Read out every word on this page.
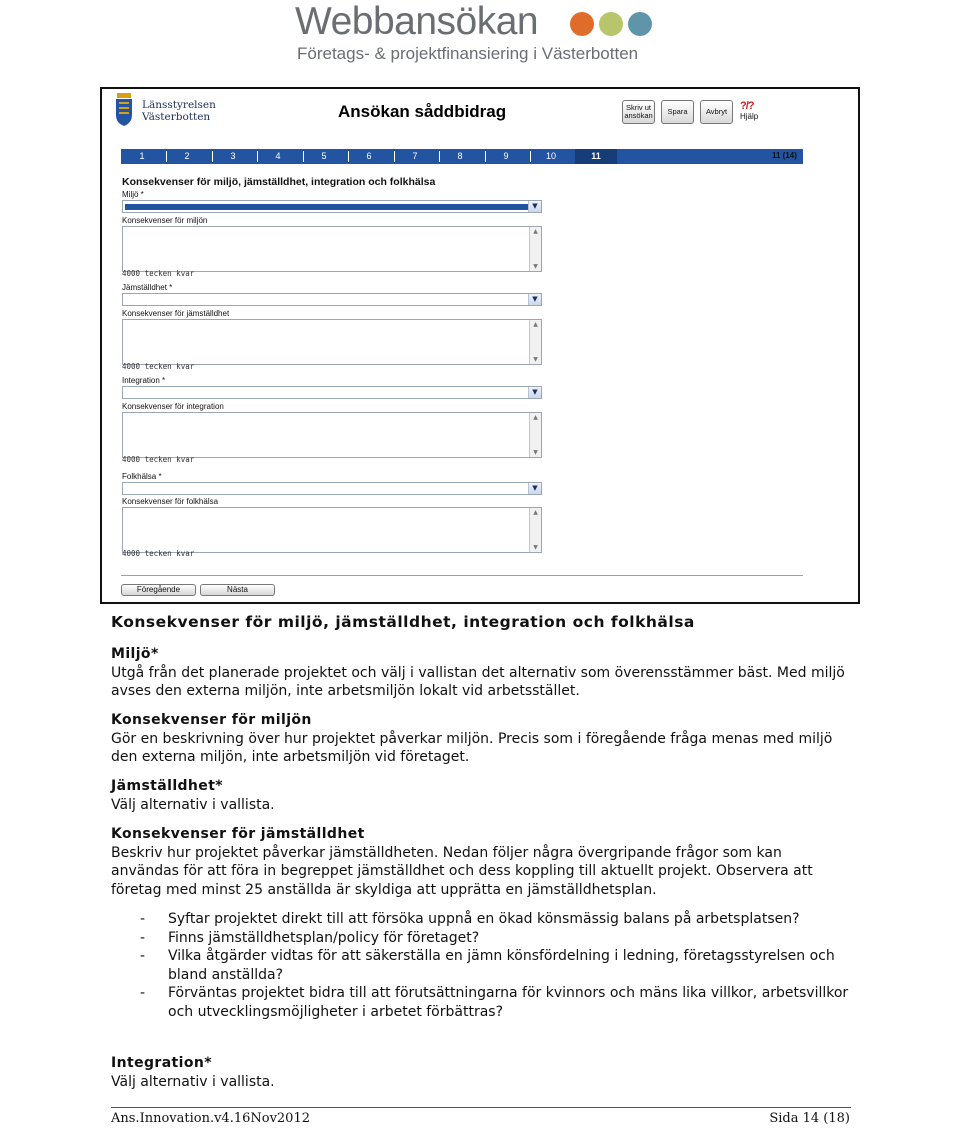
Webbansökan
Företags- & projektfinansiering i Västerbotten
Länsstyrelsen
Västerbotten	Ansökan såddbidrag	Skriv ut
ansökan Spara Avbryt ?/?
Hjälp
1	2	3	4	5	6	7	8	9	10	11	11 (14)
Konsekvenser för miljö, jämställdhet, integration och folkhälsa
Miljö *
▼
Konsekvenser för miljön
▲
▼
4000 tecken kvar
Jämställdhet *
▼
Konsekvenser för jämställdhet
▲
▼
4000 tecken kvar
Integration *
▼
Konsekvenser för integration
▲
▼
4000 tecken kvar
Folkhälsa *
▼
Konsekvenser för folkhälsa
▲
▼
4000 tecken kvar
Föregående	Nästa
Konsekvenser för miljö, jämställdhet, integration och folkhälsa
Miljö*
Utgå från det planerade projektet och välj i vallistan det alternativ som överensstämmer bäst. Med miljö avses den externa miljön, inte arbetsmiljön lokalt vid arbetsstället.
Konsekvenser för miljön
Gör en beskrivning över hur projektet påverkar miljön. Precis som i föregående fråga menas med miljö den externa miljön, inte arbetsmiljön vid företaget.
Jämställdhet*
Välj alternativ i vallista.
Konsekvenser för jämställdhet
Beskriv hur projektet påverkar jämställdheten. Nedan följer några övergripande frågor som kan användas för att föra in begreppet jämställdhet och dess koppling till aktuellt projekt. Observera att företag med minst 25 anställda är skyldiga att upprätta en jämställdhetsplan.
- Syftar projektet direkt till att försöka uppnå en ökad könsmässig balans på arbetsplatsen?
- Finns jämställdhetsplan/policy för företaget?
- Vilka åtgärder vidtas för att säkerställa en jämn könsfördelning i ledning, företagsstyrelsen och bland anställda?
- Förväntas projektet bidra till att förutsättningarna för kvinnors och mäns lika villkor, arbetsvillkor och utvecklingsmöjligheter i arbetet förbättras?
Integration*
Välj alternativ i vallista.
Ans.Innovation.v4.16Nov2012	Sida 14 (18)
